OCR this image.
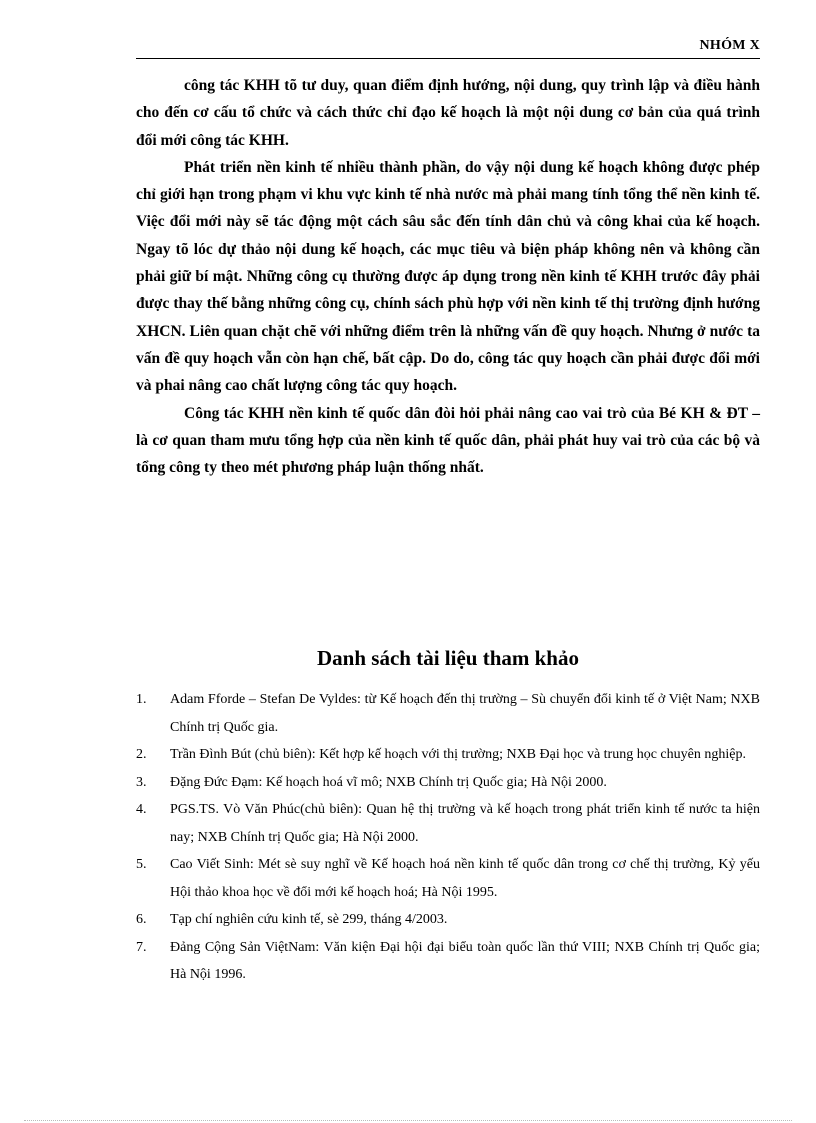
NHÓM X

công tác KHH tõ tư duy, quan điểm định hướng, nội dung, quy trình lập và điều hành cho đến cơ cấu tổ chức và cách thức chỉ đạo kế hoạch là một nội dung cơ bản của quá trình đổi mới công tác KHH.

Phát triển nền kinh tế nhiều thành phần, do vậy nội dung kế hoạch không được phép chỉ giới hạn trong phạm vi khu vực kinh tế nhà nước mà phải mang tính tổng thể nền kinh tế. Việc đổi mới này sẽ tác động một cách sâu sắc đến tính dân chủ và công khai của kế hoạch. Ngay tõ lóc dự thảo nội dung kế hoạch, các mục tiêu và biện pháp không nên và không cần phải giữ bí mật. Những công cụ thường được áp dụng trong nền kinh tế KHH trước đây phải được thay thế bằng những công cụ, chính sách phù hợp với nền kinh tế thị trường định hướng XHCN. Liên quan chặt chẽ với những điểm trên là những vấn đề quy hoạch. Nhưng ở nước ta vấn đề quy hoạch vẫn còn hạn chế, bất cập. Do do, công tác quy hoạch cần phải được đổi mới và phai nâng cao chất lượng công tác quy hoạch.

Công tác KHH nền kinh tế quốc dân đòi hỏi phải nâng cao vai trò của Bé KH & ĐT – là cơ quan tham mưu tổng hợp của nền kinh tế quốc dân, phải phát huy vai trò của các bộ và tổng công ty theo mét phương pháp luận thống nhất.

Danh sách tài liệu tham khảo
1.	Adam Fforde – Stefan De Vyldes: từ Kế hoạch đến thị trường – Sù chuyển đổi kinh tế ở Việt Nam; NXB Chính trị Quốc gia.
2.	Trần Đình Bút (chủ biên): Kết hợp kế hoạch với thị trường; NXB Đại học và trung học chuyên nghiệp.
3.	Đặng Đức Đạm: Kế hoạch hoá vĩ mô; NXB Chính trị Quốc gia; Hà Nội 2000.
4.	PGS.TS. Vò Văn Phúc(chủ biên): Quan hệ thị trường và kế hoạch trong phát triển kinh tế nước ta hiện nay; NXB Chính trị Quốc gia; Hà Nội 2000.
5.	Cao Viết Sinh: Mét sè suy nghĩ về Kế hoạch hoá nền kinh tế quốc dân trong cơ chế thị trường, Kỷ yếu Hội thảo khoa học về đổi mới kế hoạch hoá; Hà Nội 1995.
6.	Tạp chí nghiên cứu kinh tế, sè 299, tháng 4/2003.
7.	Đảng Cộng Sản ViệtNam: Văn kiện Đại hội đại biểu toàn quốc lần thứ VIII; NXB Chính trị Quốc gia; Hà Nội 1996.
